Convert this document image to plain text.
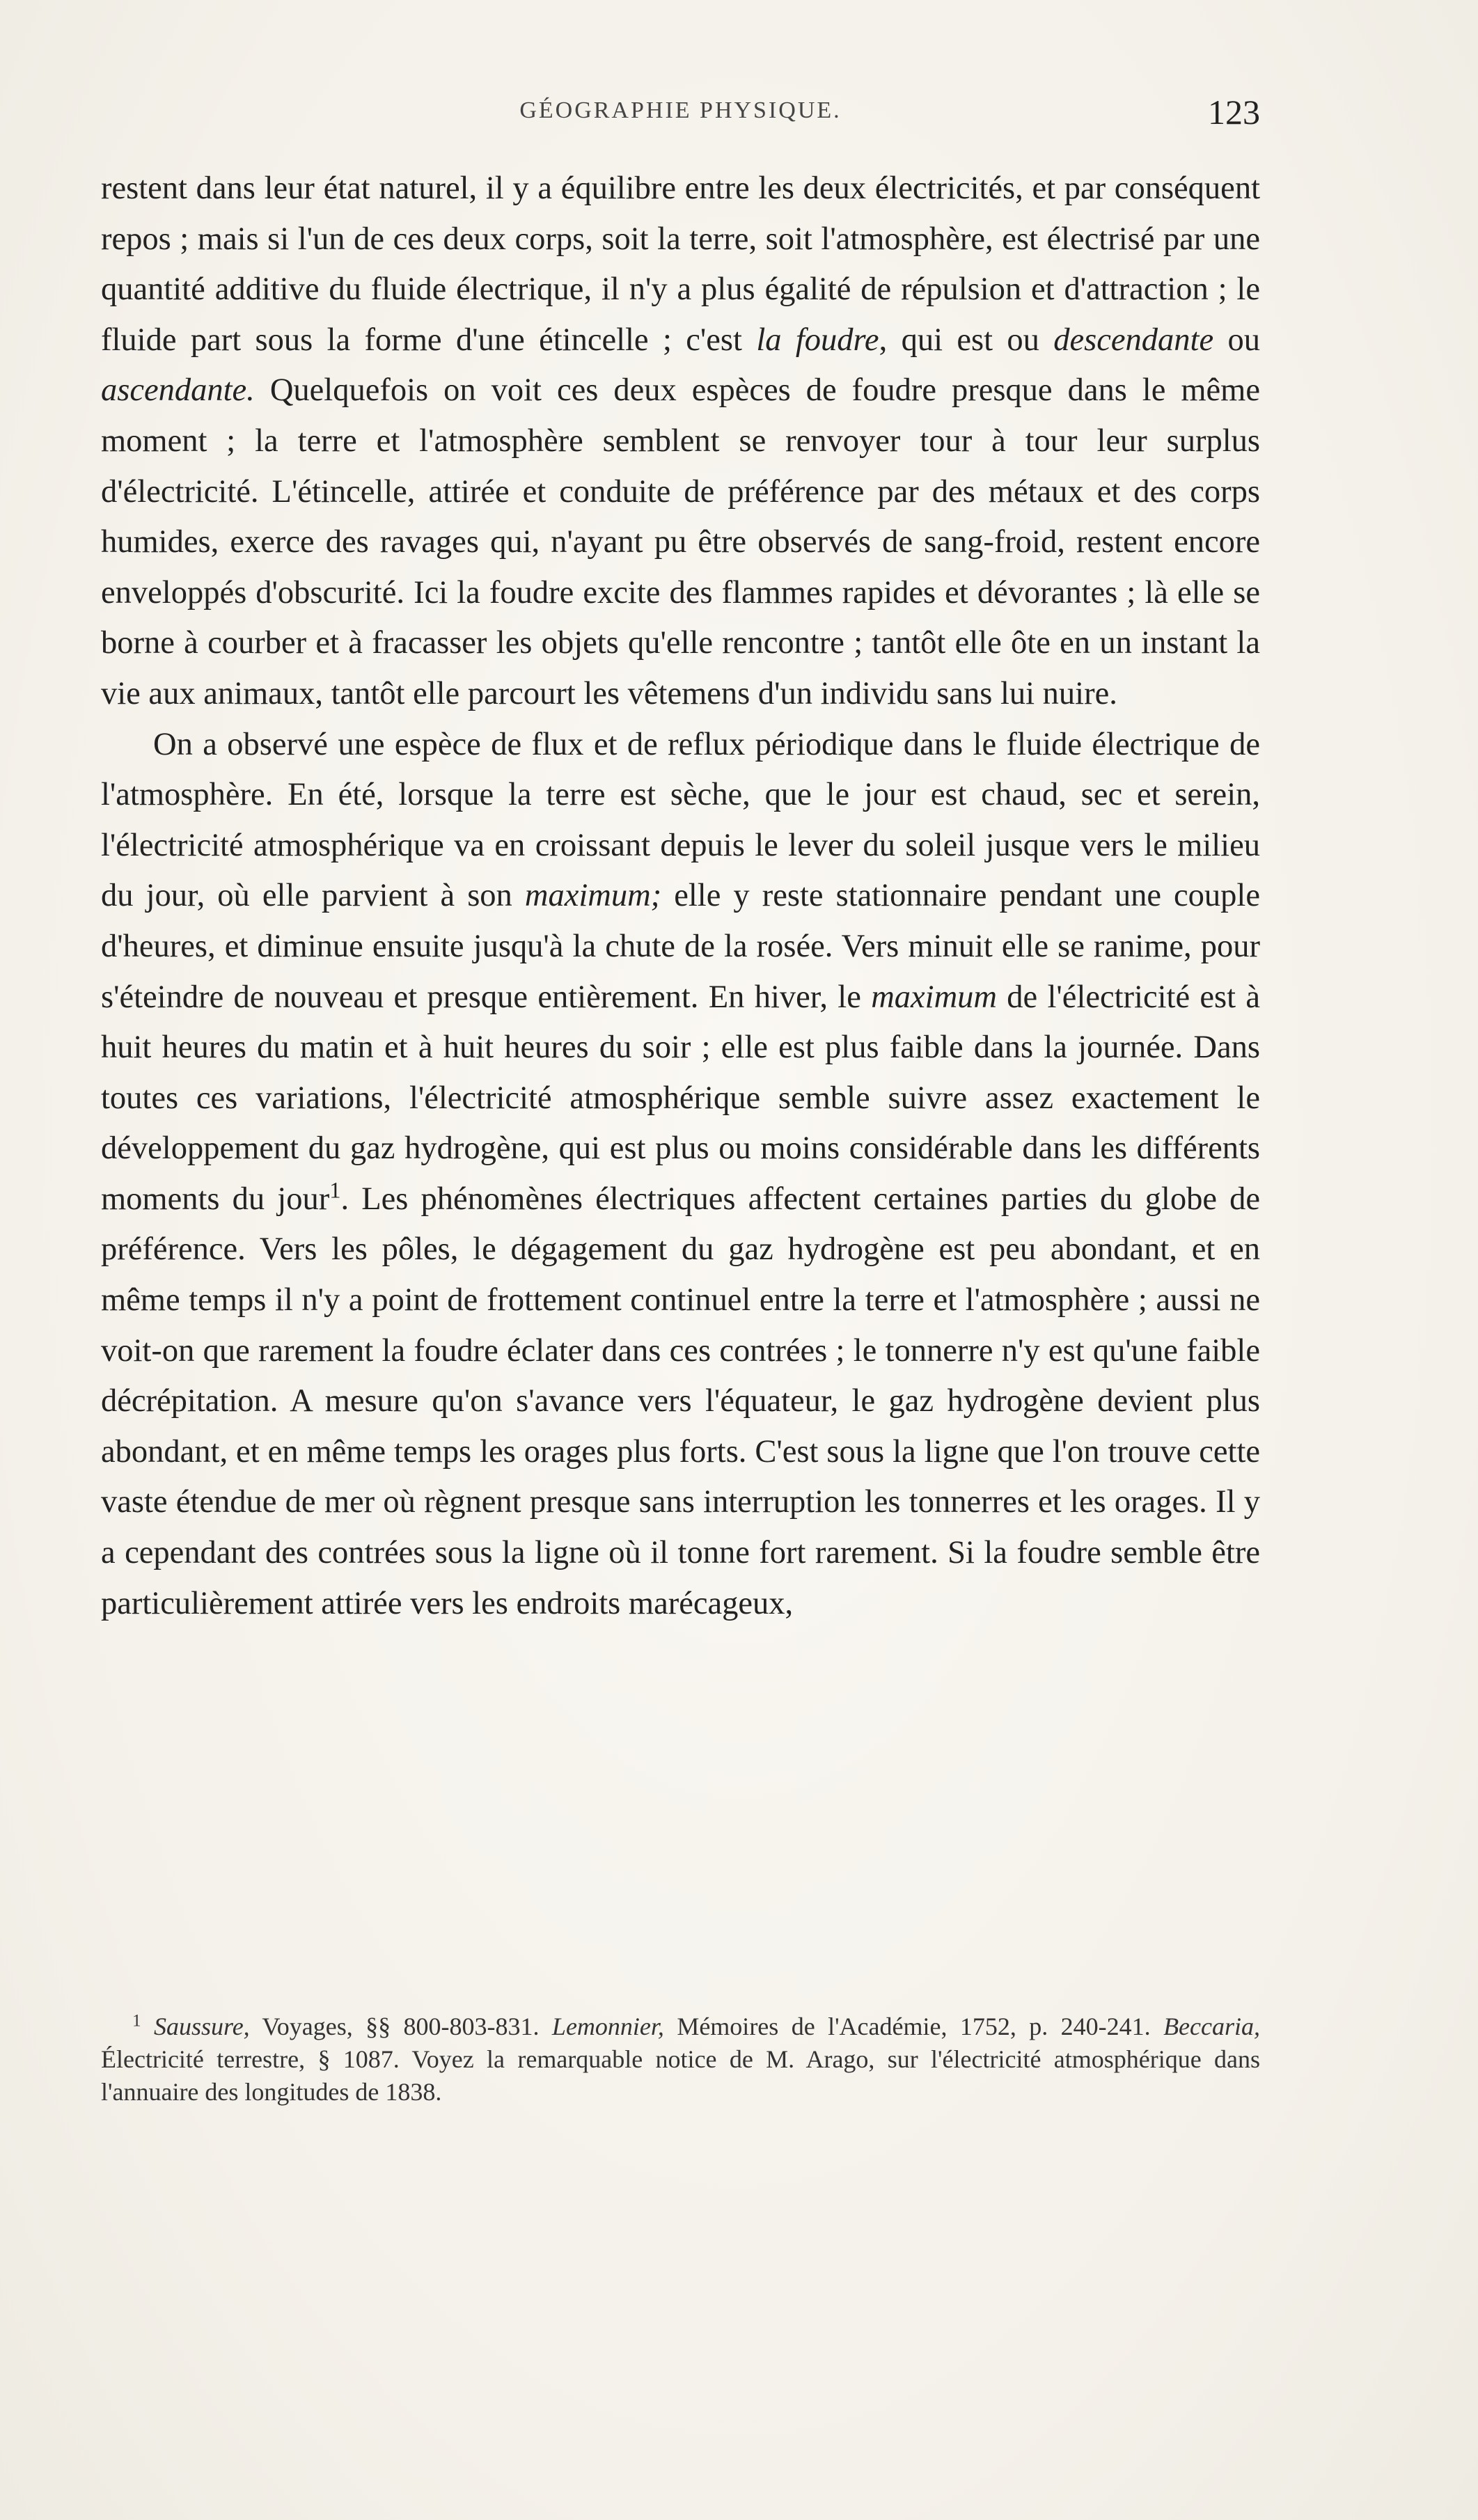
GÉOGRAPHIE PHYSIQUE.	123

restent dans leur état naturel, il y a équilibre entre les deux électricités, et par conséquent repos ; mais si l'un de ces deux corps, soit la terre, soit l'atmosphère, est électrisé par une quantité additive du fluide électrique, il n'y a plus égalité de répulsion et d'attraction ; le fluide part sous la forme d'une étincelle ; c'est la foudre, qui est ou descendante ou ascendante. Quelquefois on voit ces deux espèces de foudre presque dans le même moment ; la terre et l'atmosphère semblent se renvoyer tour à tour leur surplus d'électricité. L'étincelle, attirée et conduite de préférence par des métaux et des corps humides, exerce des ravages qui, n'ayant pu être observés de sang-froid, restent encore enveloppés d'obscurité. Ici la foudre excite des flammes rapides et dévorantes ; là elle se borne à courber et à fracasser les objets qu'elle rencontre ; tantôt elle ôte en un instant la vie aux animaux, tantôt elle parcourt les vêtemens d'un individu sans lui nuire.

On a observé une espèce de flux et de reflux périodique dans le fluide électrique de l'atmosphère. En été, lorsque la terre est sèche, que le jour est chaud, sec et serein, l'électricité atmosphérique va en croissant depuis le lever du soleil jusque vers le milieu du jour, où elle parvient à son maximum; elle y reste stationnaire pendant une couple d'heures, et diminue ensuite jusqu'à la chute de la rosée. Vers minuit elle se ranime, pour s'éteindre de nouveau et presque entièrement. En hiver, le maximum de l'électricité est à huit heures du matin et à huit heures du soir ; elle est plus faible dans la journée. Dans toutes ces variations, l'électricité atmosphérique semble suivre assez exactement le développement du gaz hydrogène, qui est plus ou moins considérable dans les différents moments du jour$^1$. Les phénomènes électriques affectent certaines parties du globe de préférence. Vers les pôles, le dégagement du gaz hydrogène est peu abondant, et en même temps il n'y a point de frottement continuel entre la terre et l'atmosphère ; aussi ne voit-on que rarement la foudre éclater dans ces contrées ; le tonnerre n'y est qu'une faible décrépitation. A mesure qu'on s'avance vers l'équateur, le gaz hydrogène devient plus abondant, et en même temps les orages plus forts. C'est sous la ligne que l'on trouve cette vaste étendue de mer où règnent presque sans interruption les tonnerres et les orages. Il y a cependant des contrées sous la ligne où il tonne fort rarement. Si la foudre semble être particulièrement attirée vers les endroits marécageux,

$^1$ Saussure, Voyages, §§ 800-803-831. Lemonnier, Mémoires de l'Académie, 1752, p. 240-241. Beccaria, Électricité terrestre, § 1087. Voyez la remarquable notice de M. Arago, sur l'électricité atmosphérique dans l'annuaire des longitudes de 1838.
